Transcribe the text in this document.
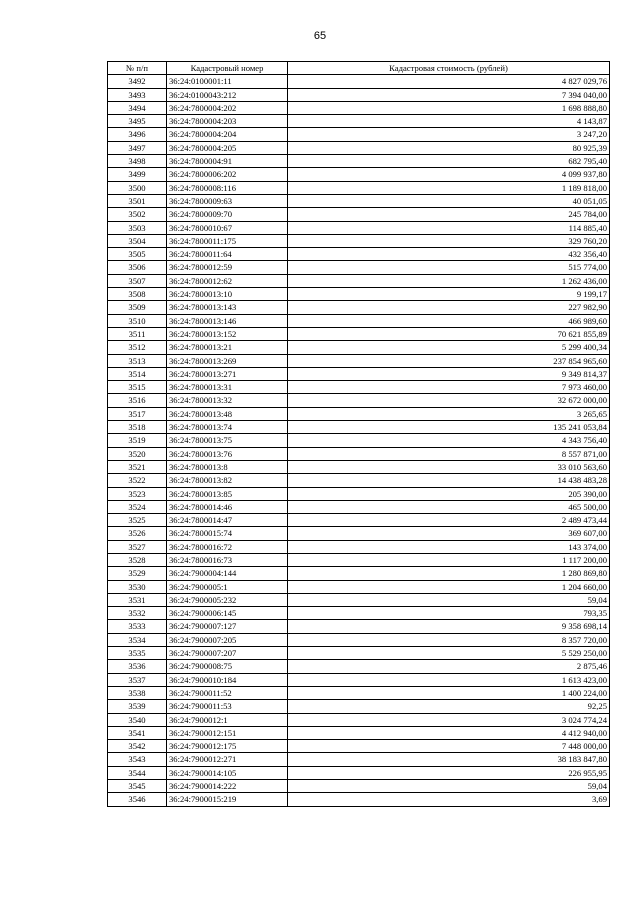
65
№ п/п	Кадастровый номер	Кадастровая стоимость (рублей)
3492	36:24:0100001:11	4 827 029,76
3493	36:24:0100043:212	7 394 040,00
3494	36:24:7800004:202	1 698 888,80
3495	36:24:7800004:203	4 143,87
3496	36:24:7800004:204	3 247,20
3497	36:24:7800004:205	80 925,39
3498	36:24:7800004:91	682 795,40
3499	36:24:7800006:202	4 099 937,80
3500	36:24:7800008:116	1 189 818,00
3501	36:24:7800009:63	40 051,05
3502	36:24:7800009:70	245 784,00
3503	36:24:7800010:67	114 885,40
3504	36:24:7800011:175	329 760,20
3505	36:24:7800011:64	432 356,40
3506	36:24:7800012:59	515 774,00
3507	36:24:7800012:62	1 262 436,00
3508	36:24:7800013:10	9 199,17
3509	36:24:7800013:143	227 982,90
3510	36:24:7800013:146	466 989,60
3511	36:24:7800013:152	70 621 855,89
3512	36:24:7800013:21	5 299 400,34
3513	36:24:7800013:269	237 854 965,60
3514	36:24:7800013:271	9 349 814,37
3515	36:24:7800013:31	7 973 460,00
3516	36:24:7800013:32	32 672 000,00
3517	36:24:7800013:48	3 265,65
3518	36:24:7800013:74	135 241 053,84
3519	36:24:7800013:75	4 343 756,40
3520	36:24:7800013:76	8 557 871,00
3521	36:24:7800013:8	33 010 563,60
3522	36:24:7800013:82	14 438 483,28
3523	36:24:7800013:85	205 390,00
3524	36:24:7800014:46	465 500,00
3525	36:24:7800014:47	2 489 473,44
3526	36:24:7800015:74	369 607,00
3527	36:24:7800016:72	143 374,00
3528	36:24:7800016:73	1 117 200,00
3529	36:24:7900004:144	1 280 869,80
3530	36:24:7900005:1	1 204 660,00
3531	36:24:7900005:232	59,04
3532	36:24:7900006:145	793,35
3533	36:24:7900007:127	9 358 698,14
3534	36:24:7900007:205	8 357 720,00
3535	36:24:7900007:207	5 529 250,00
3536	36:24:7900008:75	2 875,46
3537	36:24:7900010:184	1 613 423,00
3538	36:24:7900011:52	1 400 224,00
3539	36:24:7900011:53	92,25
3540	36:24:7900012:1	3 024 774,24
3541	36:24:7900012:151	4 412 940,00
3542	36:24:7900012:175	7 448 000,00
3543	36:24:7900012:271	38 183 847,80
3544	36:24:7900014:105	226 955,95
3545	36:24:7900014:222	59,04
3546	36:24:7900015:219	3,69
